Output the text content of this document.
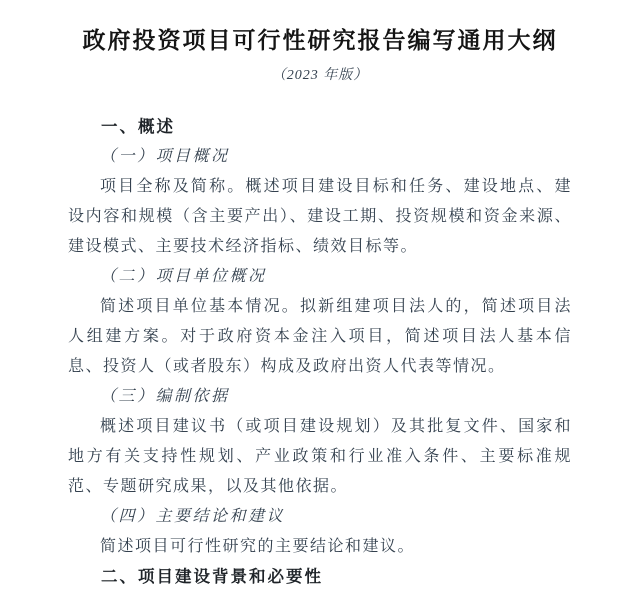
政府投资项目可行性研究报告编写通用大纲
（2023 年版）

一、概述

（一）项目概况

项目全称及简称。概述项目建设目标和任务、建设地点、建设内容和规模（含主要产出）、建设工期、投资规模和资金来源、建设模式、主要技术经济指标、绩效目标等。

（二）项目单位概况

简述项目单位基本情况。拟新组建项目法人的，简述项目法人组建方案。对于政府资本金注入项目，简述项目法人基本信息、投资人（或者股东）构成及政府出资人代表等情况。

（三）编制依据

概述项目建议书（或项目建设规划）及其批复文件、国家和地方有关支持性规划、产业政策和行业准入条件、主要标准规范、专题研究成果，以及其他依据。

（四）主要结论和建议

简述项目可行性研究的主要结论和建议。

二、项目建设背景和必要性
